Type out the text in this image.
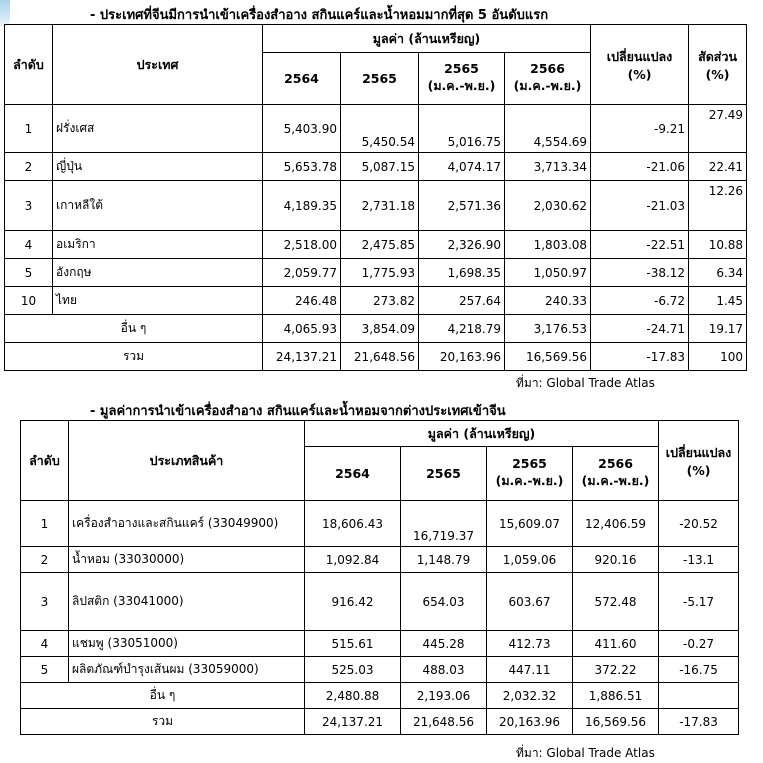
- ประเทศที่จีนมีการนำเข้าเครื่องสำอาง สกินแคร์และน้ำหอมมากที่สุด 5 อันดับแรก
ลำดับ	ประเทศ	มูลค่า (ล้านเหรียญ)				เปลี่ยนแปลง
(%)	สัดส่วน
(%)
		2564	2565	2565
(ม.ค.-พ.ย.)	2566
(ม.ค.-พ.ย.)		
1	ฝรั่งเศส	5,403.90	5,450.54	5,016.75	4,554.69	-9.21	27.49
2	ญี่ปุ่น	5,653.78	5,087.15	4,074.17	3,713.34	-21.06	22.41
3	เกาหลีใต้	4,189.35	2,731.18	2,571.36	2,030.62	-21.03	12.26
4	อเมริกา	2,518.00	2,475.85	2,326.90	1,803.08	-22.51	10.88
5	อังกฤษ	2,059.77	1,775.93	1,698.35	1,050.97	-38.12	6.34
10	ไทย	246.48	273.82	257.64	240.33	-6.72	1.45
อื่น ๆ		4,065.93	3,854.09	4,218.79	3,176.53	-24.71	19.17
รวม		24,137.21	21,648.56	20,163.96	16,569.56	-17.83	100
ที่มา: Global Trade Atlas
- มูลค่าการนำเข้าเครื่องสำอาง สกินแคร์และน้ำหอมจากต่างประเทศเข้าจีน
ลำดับ	ประเภทสินค้า	มูลค่า (ล้านเหรียญ)				เปลี่ยนแปลง
(%)
		2564	2565	2565
(ม.ค.-พ.ย.)	2566
(ม.ค.-พ.ย.)	
1	เครื่องสำอางและสกินแคร์ (33049900)	18,606.43	16,719.37	15,609.07	12,406.59	-20.52
2	น้ำหอม (33030000)	1,092.84	1,148.79	1,059.06	920.16	-13.1
3	ลิปสติก (33041000)	916.42	654.03	603.67	572.48	-5.17
4	แชมพู (33051000)	515.61	445.28	412.73	411.60	-0.27
5	ผลิตภัณฑ์บำรุงเส้นผม (33059000)	525.03	488.03	447.11	372.22	-16.75
อื่น ๆ		2,480.88	2,193.06	2,032.32	1,886.51	
รวม		24,137.21	21,648.56	20,163.96	16,569.56	-17.83
ที่มา: Global Trade Atlas
